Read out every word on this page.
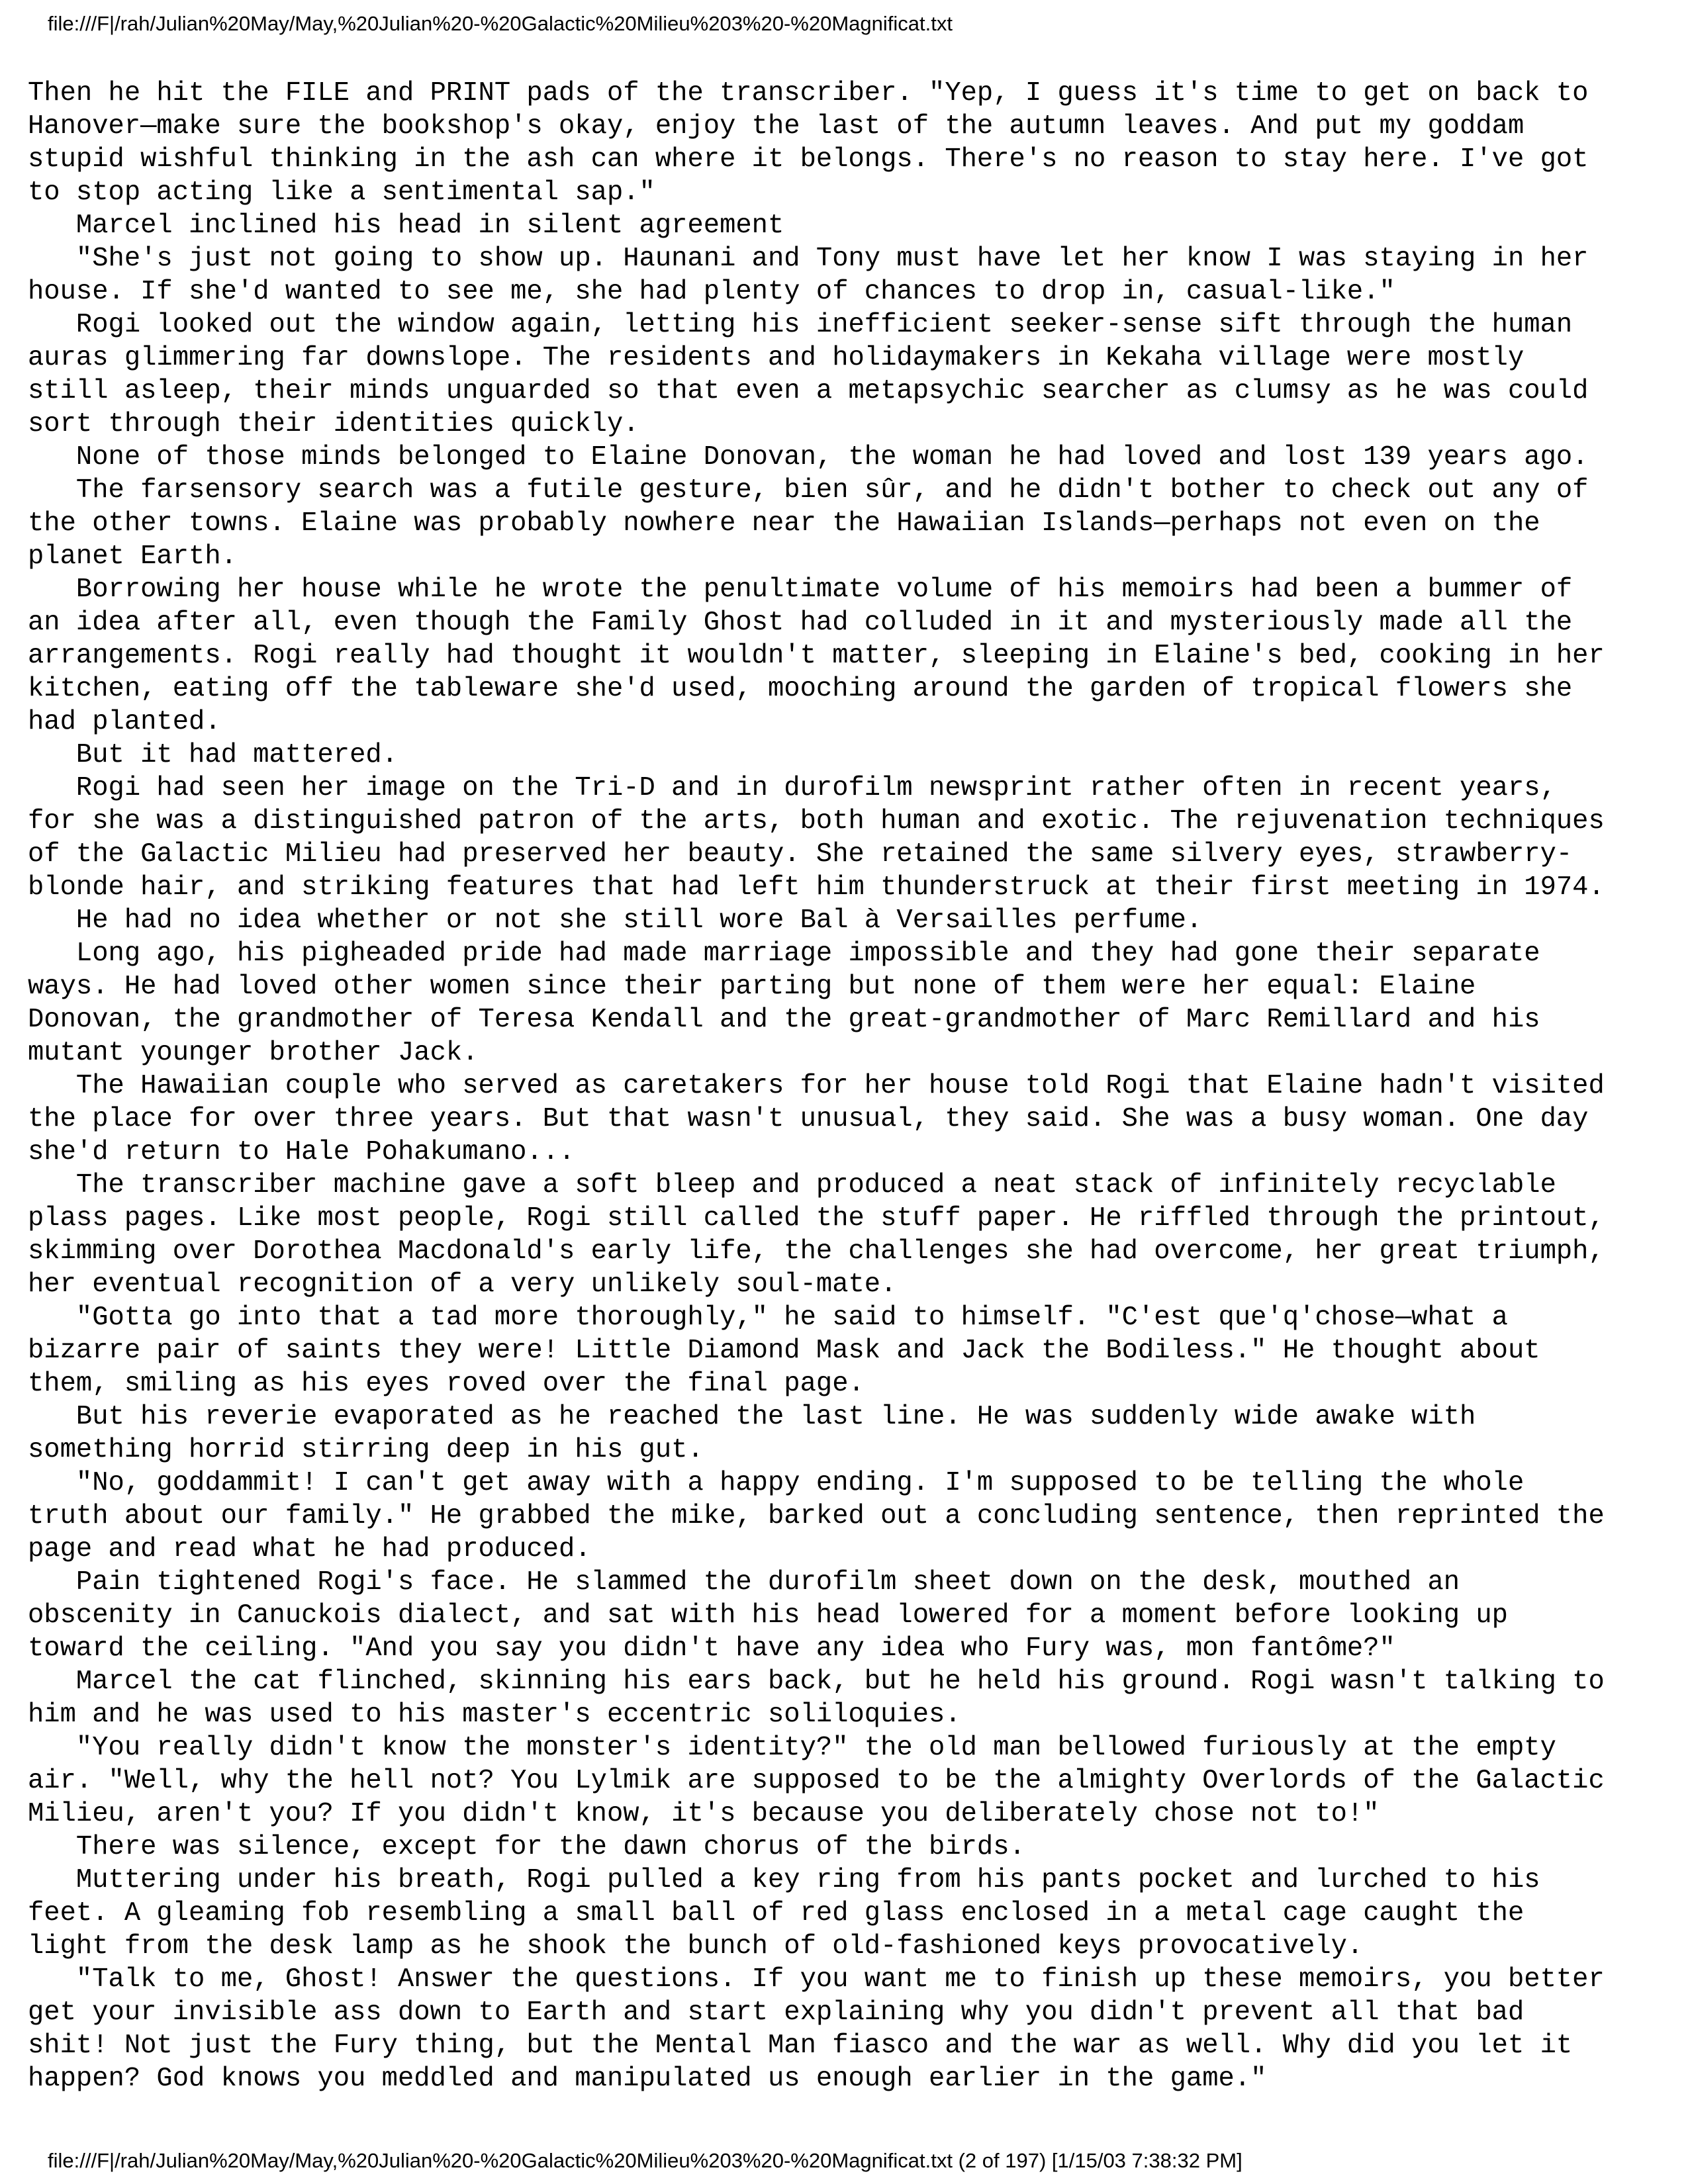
file:///F|/rah/Julian%20May/May,%20Julian%20-%20Galactic%20Milieu%203%20-%20Magnificat.txt
Then he hit the FILE and PRINT pads of the transcriber. "Yep, I guess it's time to get on back to
Hanover—make sure the bookshop's okay, enjoy the last of the autumn leaves. And put my goddam
stupid wishful thinking in the ash can where it belongs. There's no reason to stay here. I've got
to stop acting like a sentimental sap."
Marcel inclined his head in silent agreement
"She's just not going to show up. Haunani and Tony must have let her know I was staying in her
house. If she'd wanted to see me, she had plenty of chances to drop in, casual-like."
Rogi looked out the window again, letting his inefficient seeker-sense sift through the human
auras glimmering far downslope. The residents and holidaymakers in Kekaha village were mostly
still asleep, their minds unguarded so that even a metapsychic searcher as clumsy as he was could
sort through their identities quickly.
None of those minds belonged to Elaine Donovan, the woman he had loved and lost 139 years ago.
The farsensory search was a futile gesture, bien sûr, and he didn't bother to check out any of
the other towns. Elaine was probably nowhere near the Hawaiian Islands—perhaps not even on the
planet Earth.
Borrowing her house while he wrote the penultimate volume of his memoirs had been a bummer of
an idea after all, even though the Family Ghost had colluded in it and mysteriously made all the
arrangements. Rogi really had thought it wouldn't matter, sleeping in Elaine's bed, cooking in her
kitchen, eating off the tableware she'd used, mooching around the garden of tropical flowers she
had planted.
But it had mattered.
Rogi had seen her image on the Tri-D and in durofilm newsprint rather often in recent years,
for she was a distinguished patron of the arts, both human and exotic. The rejuvenation techniques
of the Galactic Milieu had preserved her beauty. She retained the same silvery eyes, strawberry-
blonde hair, and striking features that had left him thunderstruck at their first meeting in 1974.
He had no idea whether or not she still wore Bal à Versailles perfume.
Long ago, his pigheaded pride had made marriage impossible and they had gone their separate
ways. He had loved other women since their parting but none of them were her equal: Elaine
Donovan, the grandmother of Teresa Kendall and the great-grandmother of Marc Remillard and his
mutant younger brother Jack.
The Hawaiian couple who served as caretakers for her house told Rogi that Elaine hadn't visited
the place for over three years. But that wasn't unusual, they said. She was a busy woman. One day
she'd return to Hale Pohakumano...
The transcriber machine gave a soft bleep and produced a neat stack of infinitely recyclable
plass pages. Like most people, Rogi still called the stuff paper. He riffled through the printout,
skimming over Dorothea Macdonald's early life, the challenges she had overcome, her great triumph,
her eventual recognition of a very unlikely soul-mate.
"Gotta go into that a tad more thoroughly," he said to himself. "C'est que'q'chose—what a
bizarre pair of saints they were! Little Diamond Mask and Jack the Bodiless." He thought about
them, smiling as his eyes roved over the final page.
But his reverie evaporated as he reached the last line. He was suddenly wide awake with
something horrid stirring deep in his gut.
"No, goddammit! I can't get away with a happy ending. I'm supposed to be telling the whole
truth about our family." He grabbed the mike, barked out a concluding sentence, then reprinted the
page and read what he had produced.
Pain tightened Rogi's face. He slammed the durofilm sheet down on the desk, mouthed an
obscenity in Canuckois dialect, and sat with his head lowered for a moment before looking up
toward the ceiling. "And you say you didn't have any idea who Fury was, mon fantôme?"
Marcel the cat flinched, skinning his ears back, but he held his ground. Rogi wasn't talking to
him and he was used to his master's eccentric soliloquies.
"You really didn't know the monster's identity?" the old man bellowed furiously at the empty
air. "Well, why the hell not? You Lylmik are supposed to be the almighty Overlords of the Galactic
Milieu, aren't you? If you didn't know, it's because you deliberately chose not to!"
There was silence, except for the dawn chorus of the birds.
Muttering under his breath, Rogi pulled a key ring from his pants pocket and lurched to his
feet. A gleaming fob resembling a small ball of red glass enclosed in a metal cage caught the
light from the desk lamp as he shook the bunch of old-fashioned keys provocatively.
"Talk to me, Ghost! Answer the questions. If you want me to finish up these memoirs, you better
get your invisible ass down to Earth and start explaining why you didn't prevent all that bad
shit! Not just the Fury thing, but the Mental Man fiasco and the war as well. Why did you let it
happen? God knows you meddled and manipulated us enough earlier in the game."
file:///F|/rah/Julian%20May/May,%20Julian%20-%20Galactic%20Milieu%203%20-%20Magnificat.txt (2 of 197) [1/15/03 7:38:32 PM]
